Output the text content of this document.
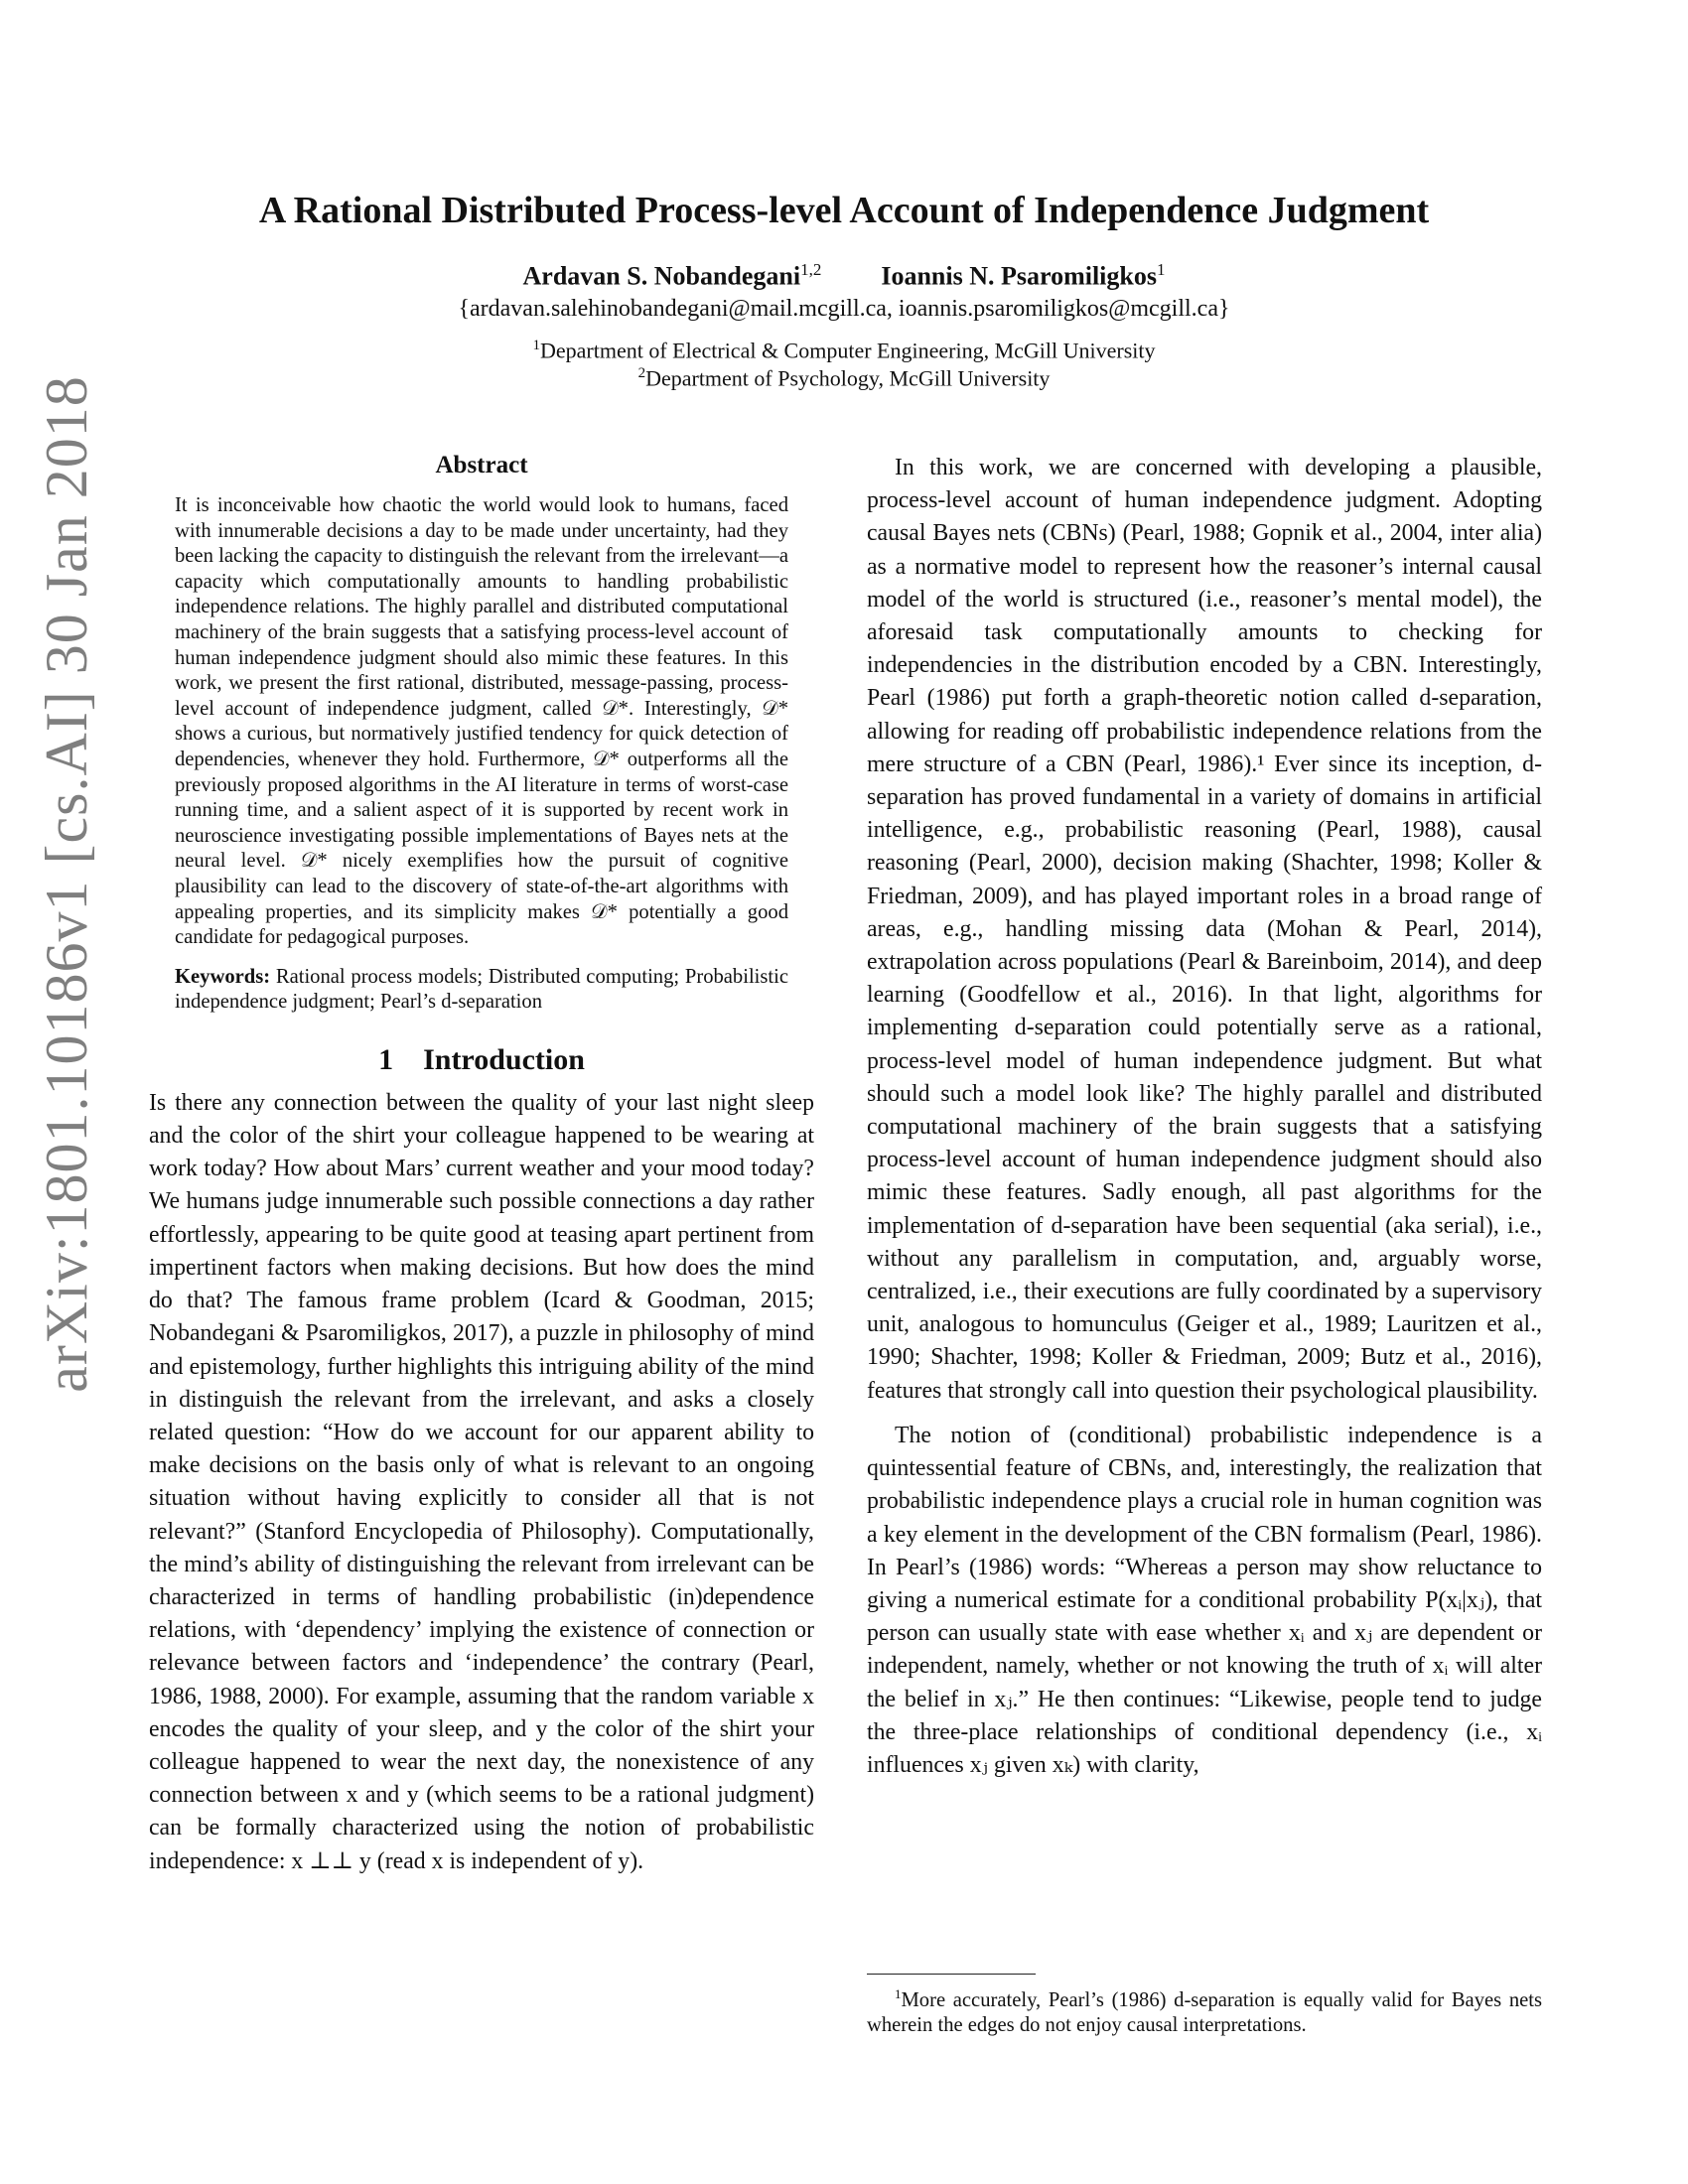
arXiv:1801.10186v1 [cs.AI] 30 Jan 2018
A Rational Distributed Process-level Account of Independence Judgment
Ardavan S. Nobandegani$^{1,2}$ Ioannis N. Psaromiligkos$^1$
{ardavan.salehinobandegani@mail.mcgill.ca, ioannis.psaromiligkos@mcgill.ca}
$^1$Department of Electrical & Computer Engineering, McGill University
$^2$Department of Psychology, McGill University
Abstract

It is inconceivable how chaotic the world would look to humans, faced with innumerable decisions a day to be made under uncertainty, had they been lacking the capacity to distinguish the relevant from the irrelevant—a capacity which computationally amounts to handling probabilistic independence relations. The highly parallel and distributed computational machinery of the brain suggests that a satisfying process-level account of human independence judgment should also mimic these features. In this work, we present the first rational, distributed, message-passing, process-level account of independence judgment, called 𝒟*. Interestingly, 𝒟* shows a curious, but normatively justified tendency for quick detection of dependencies, whenever they hold. Furthermore, 𝒟* outperforms all the previously proposed algorithms in the AI literature in terms of worst-case running time, and a salient aspect of it is supported by recent work in neuroscience investigating possible implementations of Bayes nets at the neural level. 𝒟* nicely exemplifies how the pursuit of cognitive plausibility can lead to the discovery of state-of-the-art algorithms with appealing properties, and its simplicity makes 𝒟* potentially a good candidate for pedagogical purposes.

Keywords: Rational process models; Distributed computing; Probabilistic independence judgment; Pearl’s d-separation

1 Introduction

Is there any connection between the quality of your last night sleep and the color of the shirt your colleague happened to be wearing at work today? How about Mars’ current weather and your mood today? We humans judge innumerable such possible connections a day rather effortlessly, appearing to be quite good at teasing apart pertinent from impertinent factors when making decisions. But how does the mind do that? The famous frame problem (Icard & Goodman, 2015; Nobandegani & Psaromiligkos, 2017), a puzzle in philosophy of mind and epistemology, further highlights this intriguing ability of the mind in distinguish the relevant from the irrelevant, and asks a closely related question: “How do we account for our apparent ability to make decisions on the basis only of what is relevant to an ongoing situation without having explicitly to consider all that is not relevant?” (Stanford Encyclopedia of Philosophy). Computationally, the mind’s ability of distinguishing the relevant from irrelevant can be characterized in terms of handling probabilistic (in)dependence relations, with ‘dependency’ implying the existence of connection or relevance between factors and ‘independence’ the contrary (Pearl, 1986, 1988, 2000). For example, assuming that the random variable x encodes the quality of your sleep, and y the color of the shirt your colleague happened to wear the next day, the nonexistence of any connection between x and y (which seems to be a rational judgment) can be formally characterized using the notion of probabilistic independence: x ⊥⊥ y (read x is independent of y).

In this work, we are concerned with developing a plausible, process-level account of human independence judgment. Adopting causal Bayes nets (CBNs) (Pearl, 1988; Gopnik et al., 2004, inter alia) as a normative model to represent how the reasoner’s internal causal model of the world is structured (i.e., reasoner’s mental model), the aforesaid task computationally amounts to checking for independencies in the distribution encoded by a CBN. Interestingly, Pearl (1986) put forth a graph-theoretic notion called d-separation, allowing for reading off probabilistic independence relations from the mere structure of a CBN (Pearl, 1986).¹ Ever since its inception, d-separation has proved fundamental in a variety of domains in artificial intelligence, e.g., probabilistic reasoning (Pearl, 1988), causal reasoning (Pearl, 2000), decision making (Shachter, 1998; Koller & Friedman, 2009), and has played important roles in a broad range of areas, e.g., handling missing data (Mohan & Pearl, 2014), extrapolation across populations (Pearl & Bareinboim, 2014), and deep learning (Goodfellow et al., 2016). In that light, algorithms for implementing d-separation could potentially serve as a rational, process-level model of human independence judgment. But what should such a model look like? The highly parallel and distributed computational machinery of the brain suggests that a satisfying process-level account of human independence judgment should also mimic these features. Sadly enough, all past algorithms for the implementation of d-separation have been sequential (aka serial), i.e., without any parallelism in computation, and, arguably worse, centralized, i.e., their executions are fully coordinated by a supervisory unit, analogous to homunculus (Geiger et al., 1989; Lauritzen et al., 1990; Shachter, 1998; Koller & Friedman, 2009; Butz et al., 2016), features that strongly call into question their psychological plausibility.

The notion of (conditional) probabilistic independence is a quintessential feature of CBNs, and, interestingly, the realization that probabilistic independence plays a crucial role in human cognition was a key element in the development of the CBN formalism (Pearl, 1986). In Pearl’s (1986) words: “Whereas a person may show reluctance to giving a numerical estimate for a conditional probability P(xᵢ|xⱼ), that person can usually state with ease whether xᵢ and xⱼ are dependent or independent, namely, whether or not knowing the truth of xᵢ will alter the belief in xⱼ.” He then continues: “Likewise, people tend to judge the three-place relationships of conditional dependency (i.e., xᵢ influences xⱼ given xₖ) with clarity,

$^1$More accurately, Pearl’s (1986) d-separation is equally valid for Bayes nets wherein the edges do not enjoy causal interpretations.
